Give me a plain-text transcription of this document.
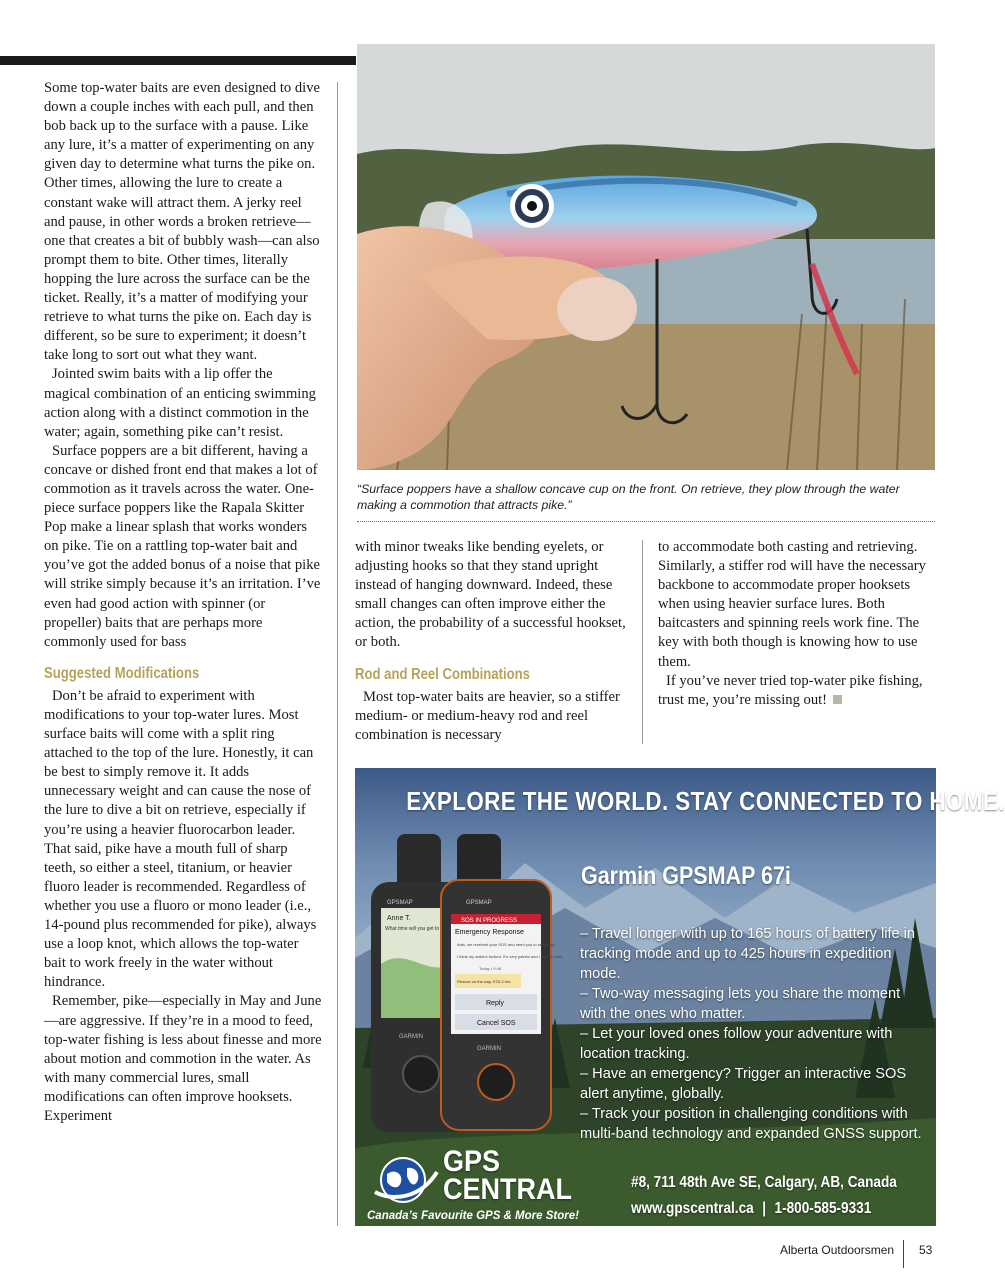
Some top-water baits are even designed to dive down a couple inches with each pull, and then bob back up to the surface with a pause. Like any lure, it’s a matter of experimenting on any given day to determine what turns the pike on. Other times, allowing the lure to create a constant wake will attract them. A jerky reel and pause, in other words a broken retrieve—one that creates a bit of bubbly wash—can also prompt them to bite. Other times, literally hopping the lure across the surface can be the ticket. Really, it’s a matter of modifying your retrieve to what turns the pike on. Each day is different, so be sure to experiment; it doesn’t take long to sort out what they want.

Jointed swim baits with a lip offer the magical combination of an enticing swimming action along with a distinct commotion in the water; again, something pike can’t resist.

Surface poppers are a bit different, having a concave or dished front end that makes a lot of commotion as it travels across the water. One-piece surface poppers like the Rapala Skitter Pop make a linear splash that works wonders on pike. Tie on a rattling top-water bait and you’ve got the added bonus of a noise that pike will strike simply because it’s an irritation. I’ve even had good action with spinner (or propeller) baits that are perhaps more commonly used for bass

Suggested Modifications

Don’t be afraid to experiment with modifications to your top-water lures. Most surface baits will come with a split ring attached to the top of the lure. Honestly, it can be best to simply remove it. It adds unnecessary weight and can cause the nose of the lure to dive a bit on retrieve, especially if you’re using a heavier fluorocarbon leader. That said, pike have a mouth full of sharp teeth, so either a steel, titanium, or heavier fluoro leader is recommended. Regardless of whether you use a fluoro or mono leader (i.e., 14-pound plus recommended for pike), always use a loop knot, which allows the top-water bait to work freely in the water without hindrance.

Remember, pike—especially in May and June—are aggressive. If they’re in a mood to feed, top-water fishing is less about finesse and more about motion and commotion in the water. As with many commercial lures, small modifications can often improve hooksets. Experiment

“Surface poppers have a shallow concave cup on the front. On retrieve, they plow through the water making a commotion that attracts pike.”

with minor tweaks like bending eyelets, or adjusting hooks so that they stand upright instead of hanging downward. Indeed, these small changes can often improve either the action, the probability of a successful hookset, or both.

Rod and Reel Combinations

Most top-water baits are heavier, so a stiffer medium- or medium-heavy rod and reel combination is necessary

to accommodate both casting and retrieving. Similarly, a stiffer rod will have the necessary backbone to accommodate proper hooksets when using heavier surface lures. Both baitcasters and spinning reels work fine. The key with both though is knowing how to use them.

If you’ve never tried top-water pike fishing, trust me, you’re missing out!

EXPLORE THE WORLD. STAY CONNECTED TO HOME.
GPSMAP
Anne T.
What time will you get to
GARMIN
SOS IN PROGRESS
Emergency Response
Ihab, we received your SOS and need you to send help
I think my ankle’s broken. It’s very painful and I cannot walk.
Today • 9:48
Rescue on the way. ETA 2 hrs.
Reply
Cancel SOS
GPSMAP
GARMIN
Garmin GPSMAP 67i
– Travel longer with up to 165 hours of battery life in tracking mode and up to 425 hours in expedition mode.
– Two-way messaging lets you share the moment with the ones who matter.
– Let your loved ones follow your adventure with location tracking.
– Have an emergency? Trigger an interactive SOS alert anytime, globally.
– Track your position in challenging conditions with multi-band technology and expanded GNSS support.
GPS
CENTRAL
Canada’s Favourite GPS & More Store!
#8, 711 48th Ave SE, Calgary, AB, Canada
www.gpscentral.ca | 1-800-585-9331
Alberta Outdoorsmen 53
